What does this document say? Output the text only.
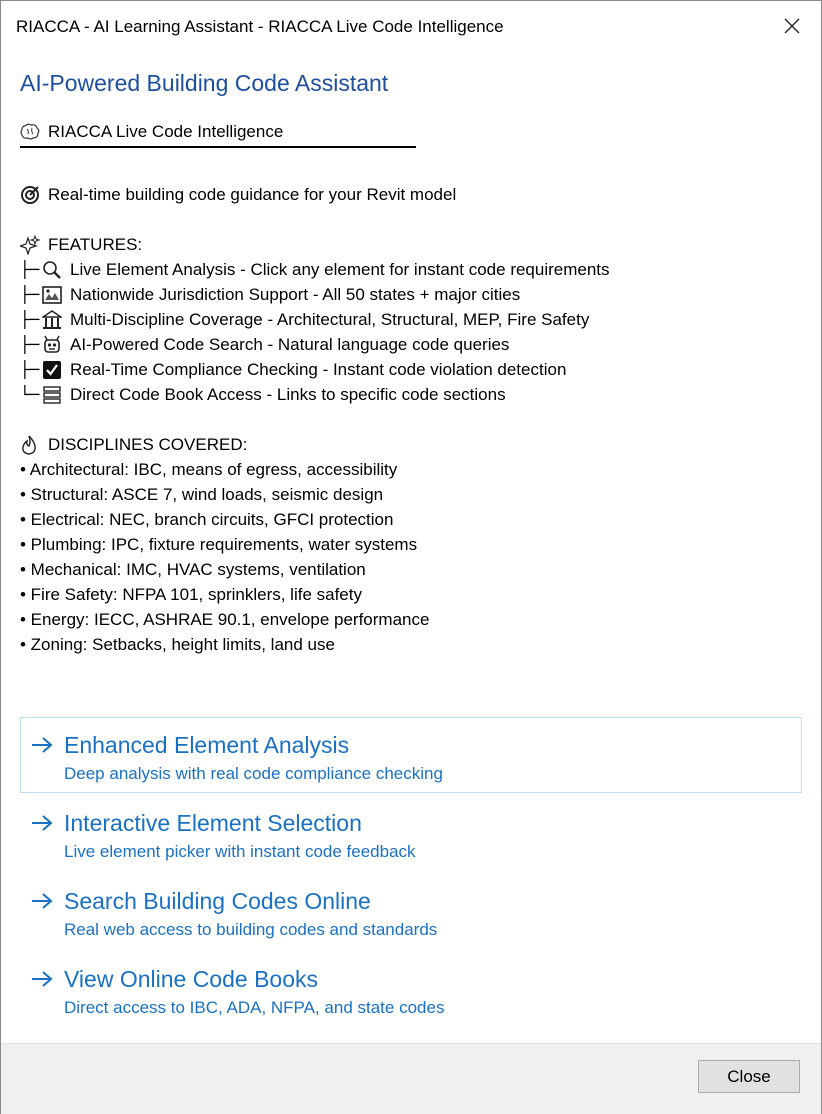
RIACCA - AI Learning Assistant - RIACCA Live Code Intelligence
AI-Powered Building Code Assistant
RIACCA Live Code Intelligence
Real-time building code guidance for your Revit model
FEATURES:
├─ Live Element Analysis - Click any element for instant code requirements
├─ Nationwide Jurisdiction Support - All 50 states + major cities
├─ Multi-Discipline Coverage - Architectural, Structural, MEP, Fire Safety
├─ AI-Powered Code Search - Natural language code queries
├─ Real-Time Compliance Checking - Instant code violation detection
└─ Direct Code Book Access - Links to specific code sections
DISCIPLINES COVERED:
• Architectural: IBC, means of egress, accessibility
• Structural: ASCE 7, wind loads, seismic design
• Electrical: NEC, branch circuits, GFCI protection
• Plumbing: IPC, fixture requirements, water systems
• Mechanical: IMC, HVAC systems, ventilation
• Fire Safety: NFPA 101, sprinklers, life safety
• Energy: IECC, ASHRAE 90.1, envelope performance
• Zoning: Setbacks, height limits, land use
Enhanced Element Analysis
Deep analysis with real code compliance checking
Interactive Element Selection
Live element picker with instant code feedback
Search Building Codes Online
Real web access to building codes and standards
View Online Code Books
Direct access to IBC, ADA, NFPA, and state codes
Close
